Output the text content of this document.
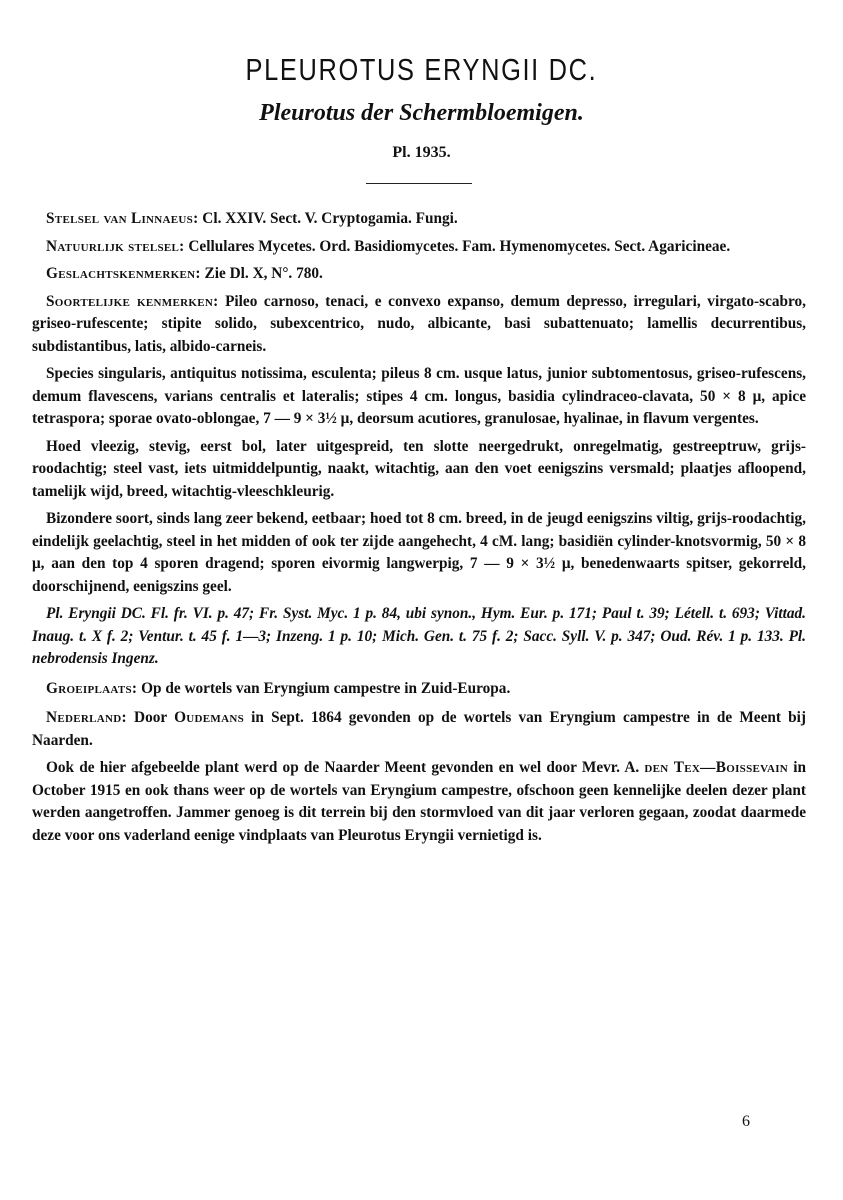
PLEUROTUS ERYNGII DC.
Pleurotus der Schermbloemigen.
Pl. 1935.

Stelsel van Linnaeus: Cl. XXIV. Sect. V. Cryptogamia. Fungi.

Natuurlijk stelsel: Cellulares Mycetes. Ord. Basidiomycetes. Fam. Hymenomycetes. Sect. Agaricineae.

Geslachtskenmerken: Zie Dl. X, N°. 780.

Soortelijke kenmerken: Pileo carnoso, tenaci, e convexo expanso, demum depresso, irregulari, virgato-scabro, griseo-rufescente; stipite solido, subexcentrico, nudo, albicante, basi subattenuato; lamellis decurrentibus, subdistantibus, latis, albido-carneis.

Species singularis, antiquitus notissima, esculenta; pileus 8 cm. usque latus, junior subtomentosus, griseo-rufescens, demum flavescens, varians centralis et lateralis; stipes 4 cm. longus, basidia cylindraceo-clavata, 50 × 8 μ, apice tetraspora; sporae ovato-oblongae, 7 — 9 × 3½ μ, deorsum acutiores, granulosae, hyalinae, in flavum vergentes.

Hoed vleezig, stevig, eerst bol, later uitgespreid, ten slotte neergedrukt, onregelmatig, gestreeptruw, grijs-roodachtig; steel vast, iets uitmiddelpuntig, naakt, witachtig, aan den voet eenigszins versmald; plaatjes afloopend, tamelijk wijd, breed, witachtig-vleeschkleurig.

Bizondere soort, sinds lang zeer bekend, eetbaar; hoed tot 8 cm. breed, in de jeugd eenigszins viltig, grijs-roodachtig, eindelijk geelachtig, steel in het midden of ook ter zijde aangehecht, 4 cM. lang; basidiën cylinder-knotsvormig, 50 × 8 μ, aan den top 4 sporen dragend; sporen eivormig langwerpig, 7 — 9 × 3½ μ, benedenwaarts spitser, gekorreld, doorschijnend, eenigszins geel.

Pl. Eryngii DC. Fl. fr. VI. p. 47; Fr. Syst. Myc. 1 p. 84, ubi synon., Hym. Eur. p. 171; Paul t. 39; Létell. t. 693; Vittad. Inaug. t. X f. 2; Ventur. t. 45 f. 1—3; Inzeng. 1 p. 10; Mich. Gen. t. 75 f. 2; Sacc. Syll. V. p. 347; Oud. Rév. 1 p. 133. Pl. nebrodensis Ingenz.

Groeiplaats: Op de wortels van Eryngium campestre in Zuid-Europa.

Nederland: Door Oudemans in Sept. 1864 gevonden op de wortels van Eryngium campestre in de Meent bij Naarden.

Ook de hier afgebeelde plant werd op de Naarder Meent gevonden en wel door Mevr. A. den Tex—Boissevain in October 1915 en ook thans weer op de wortels van Eryngium campestre, ofschoon geen kennelijke deelen dezer plant werden aangetroffen. Jammer genoeg is dit terrein bij den stormvloed van dit jaar verloren gegaan, zoodat daarmede deze voor ons vaderland eenige vindplaats van Pleurotus Eryngii vernietigd is.

6
